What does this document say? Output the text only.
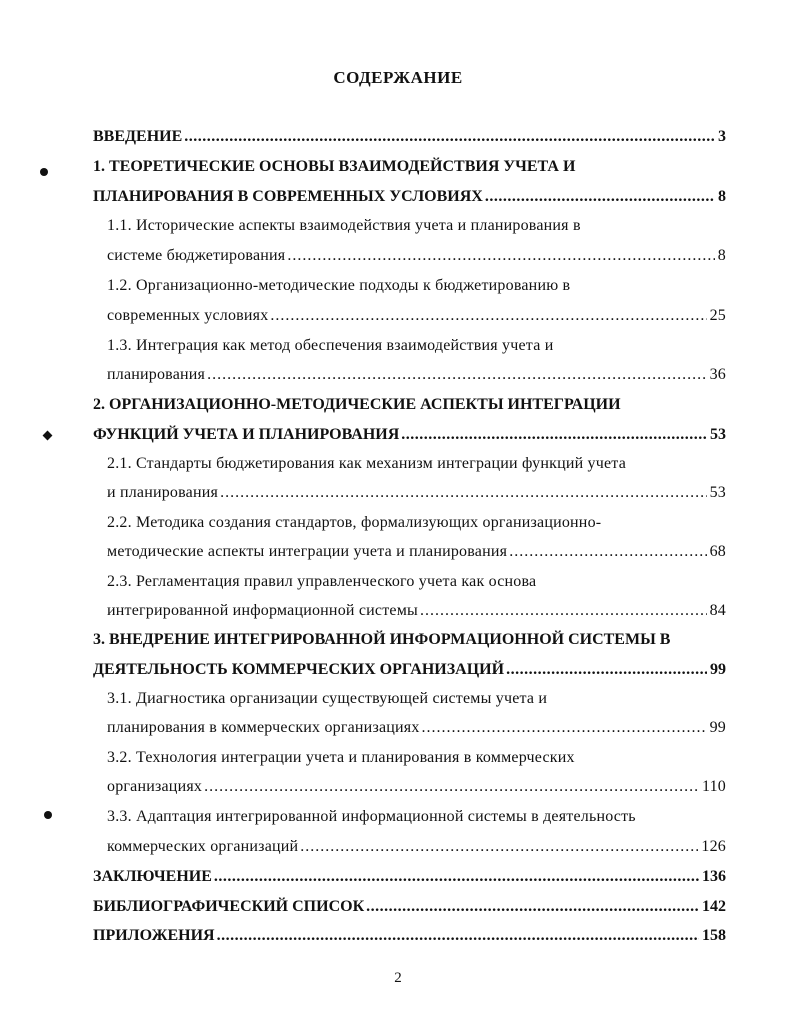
СОДЕРЖАНИЕ
ВВЕДЕНИЕ .....	3
1. ТЕОРЕТИЧЕСКИЕ ОСНОВЫ ВЗАИМОДЕЙСТВИЯ УЧЕТА И
ПЛАНИРОВАНИЯ В СОВРЕМЕННЫХ УСЛОВИЯХ .....	8
1.1. Исторические аспекты взаимодействия учета и планирования в
системе бюджетирования .....	8
1.2. Организационно-методические подходы к бюджетированию в
современных условиях .....	25
1.3. Интеграция как метод обеспечения взаимодействия учета и
планирования .....	36
2. ОРГАНИЗАЦИОННО-МЕТОДИЧЕСКИЕ АСПЕКТЫ ИНТЕГРАЦИИ
ФУНКЦИЙ УЧЕТА И ПЛАНИРОВАНИЯ .....	53
2.1. Стандарты бюджетирования как механизм интеграции функций учета
и планирования .....	53
2.2. Методика создания стандартов, формализующих организационно-
методические аспекты интеграции учета и планирования .....	68
2.3. Регламентация правил управленческого учета как основа
интегрированной информационной системы .....	84
3. ВНЕДРЕНИЕ ИНТЕГРИРОВАННОЙ ИНФОРМАЦИОННОЙ СИСТЕМЫ В
ДЕЯТЕЛЬНОСТЬ КОММЕРЧЕСКИХ ОРГАНИЗАЦИЙ .....	99
3.1. Диагностика организации существующей системы учета и
планирования в коммерческих организациях .....	99
3.2. Технология интеграции учета и планирования в коммерческих
организациях .....	110
3.3. Адаптация интегрированной информационной системы в деятельность
коммерческих организаций .....	126
ЗАКЛЮЧЕНИЕ .....	136
БИБЛИОГРАФИЧЕСКИЙ СПИСОК .....	142
ПРИЛОЖЕНИЯ .....	158
2
